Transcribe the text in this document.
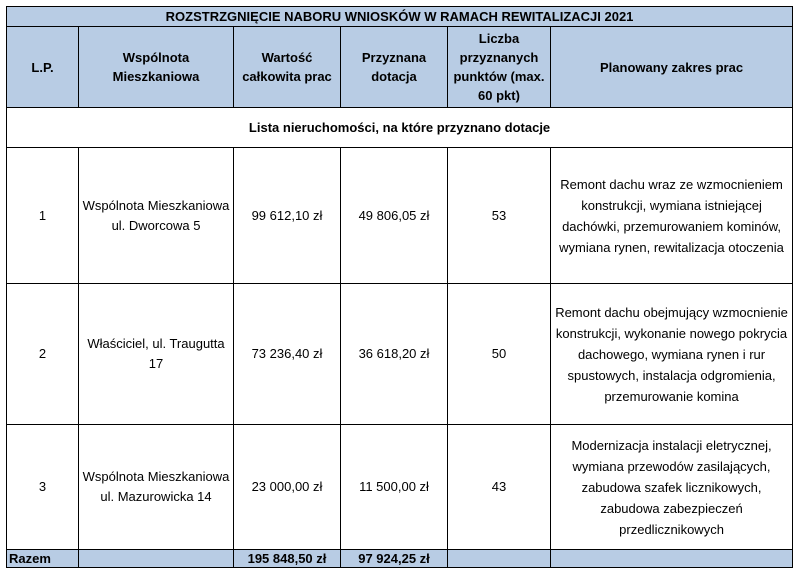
ROZSTRZGNIĘCIE NABORU WNIOSKÓW W RAMACH REWITALIZACJI 2021					
L.P.	Wspólnota Mieszkaniowa	Wartość całkowita prac	Przyznana dotacja	Liczba przyznanych punktów (max. 60 pkt)	Planowany zakres prac
Lista nieruchomości, na które przyznano dotacje					
1	Wspólnota Mieszkaniowa ul. Dworcowa 5	99 612,10 zł	49 806,05 zł	53	Remont dachu wraz ze wzmocnieniem konstrukcji, wymiana istniejącej dachówki, przemurowaniem kominów, wymiana rynen, rewitalizacja otoczenia
2	Właściciel, ul. Traugutta 17	73 236,40 zł	36 618,20 zł	50	Remont dachu obejmujący wzmocnienie konstrukcji, wykonanie nowego pokrycia dachowego, wymiana rynen i rur spustowych, instalacja odgromienia, przemurowanie komina
3	Wspólnota Mieszkaniowa ul. Mazurowicka 14	23 000,00 zł	11 500,00 zł	43	Modernizacja instalacji eletrycznej, wymiana przewodów zasilających, zabudowa szafek licznikowych, zabudowa zabezpieczeń przedlicznikowych
Razem		195 848,50 zł	97 924,25 zł		
